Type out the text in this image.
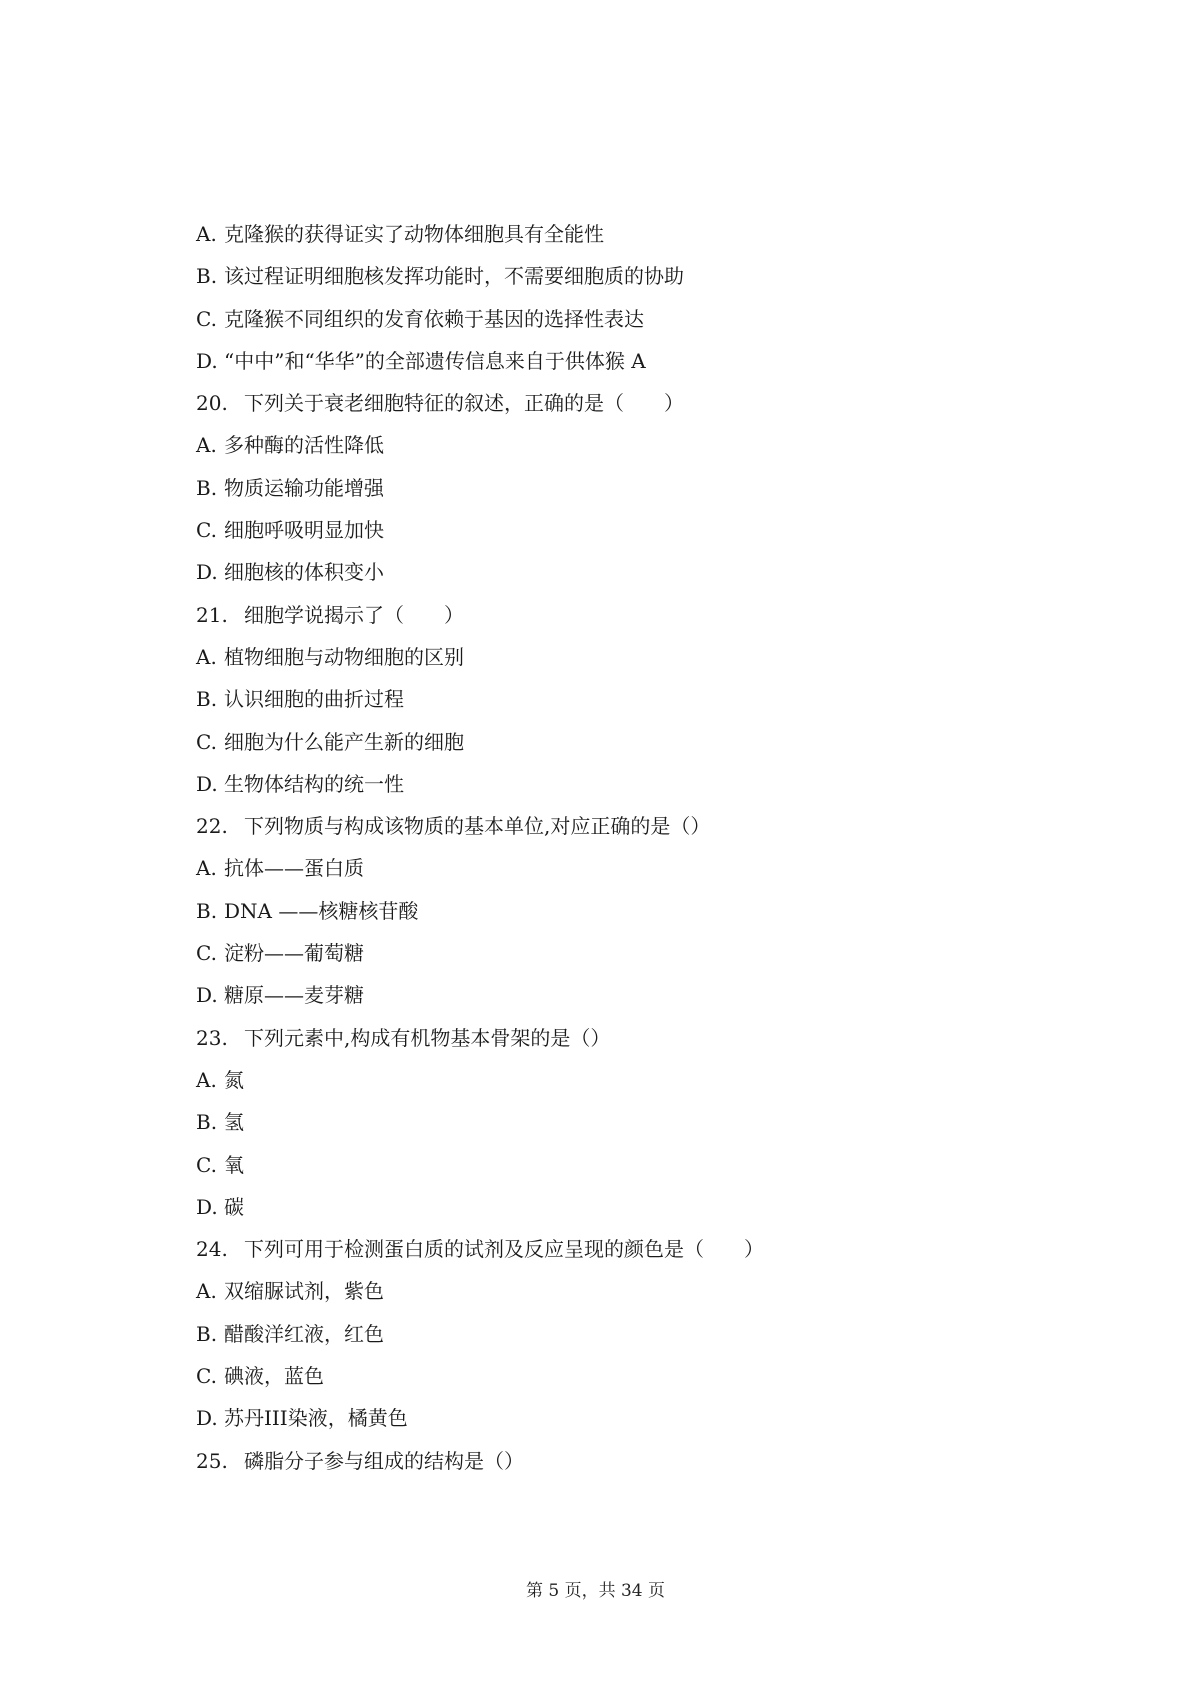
A. 克隆猴的获得证实了动物体细胞具有全能性
B. 该过程证明细胞核发挥功能时，不需要细胞质的协助
C. 克隆猴不同组织的发育依赖于基因的选择性表达
D. “中中”和“华华”的全部遗传信息来自于供体猴 A
20. 下列关于衰老细胞特征的叙述，正确的是（　　）
A. 多种酶的活性降低
B. 物质运输功能增强
C. 细胞呼吸明显加快
D. 细胞核的体积变小
21. 细胞学说揭示了（　　）
A. 植物细胞与动物细胞的区别
B. 认识细胞的曲折过程
C. 细胞为什么能产生新的细胞
D. 生物体结构的统一性
22. 下列物质与构成该物质的基本单位,对应正确的是（）
A. 抗体——蛋白质
B. DNA ——核糖核苷酸
C. 淀粉——葡萄糖
D. 糖原——麦芽糖
23. 下列元素中,构成有机物基本骨架的是（）
A. 氮
B. 氢
C. 氧
D. 碳
24. 下列可用于检测蛋白质的试剂及反应呈现的颜色是（　　）
A. 双缩脲试剂，紫色
B. 醋酸洋红液，红色
C. 碘液，蓝色
D. 苏丹III染液，橘黄色
25. 磷脂分子参与组成的结构是（）
第 5 页，共 34 页
